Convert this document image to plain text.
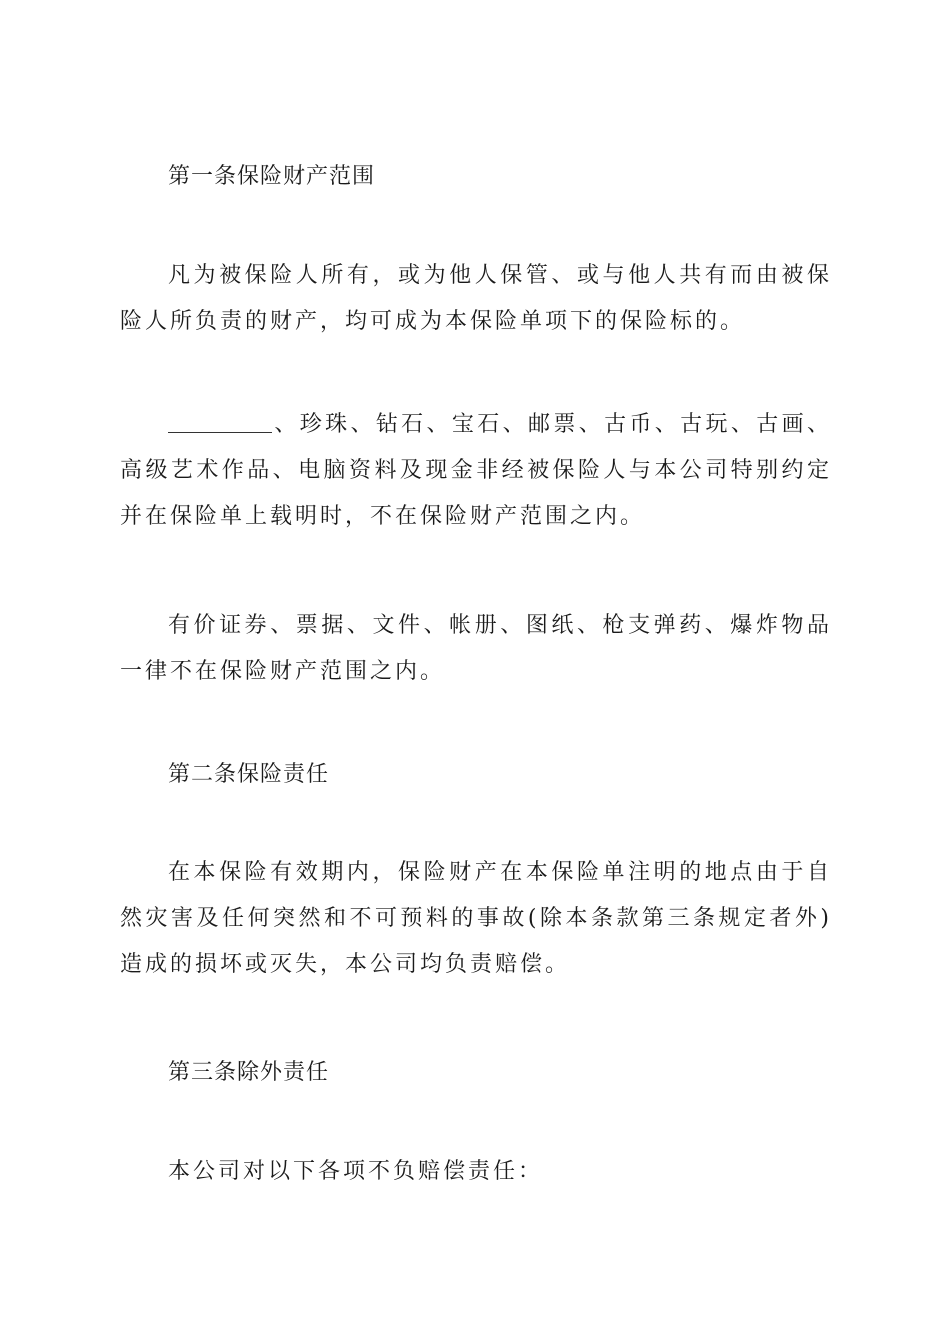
第一条保险财产范围

凡为被保险人所有，或为他人保管、或与他人共有而由被保险人所负责的财产，均可成为本保险单项下的保险标的。

、珍珠、钻石、宝石、邮票、古币、古玩、古画、高级艺术作品、电脑资料及现金非经被保险人与本公司特别约定并在保险单上载明时，不在保险财产范围之内。

有价证券、票据、文件、帐册、图纸、枪支弹药、爆炸物品一律不在保险财产范围之内。

第二条保险责任

在本保险有效期内，保险财产在本保险单注明的地点由于自然灾害及任何突然和不可预料的事故(除本条款第三条规定者外)造成的损坏或灭失，本公司均负责赔偿。

第三条除外责任

本公司对以下各项不负赔偿责任：
